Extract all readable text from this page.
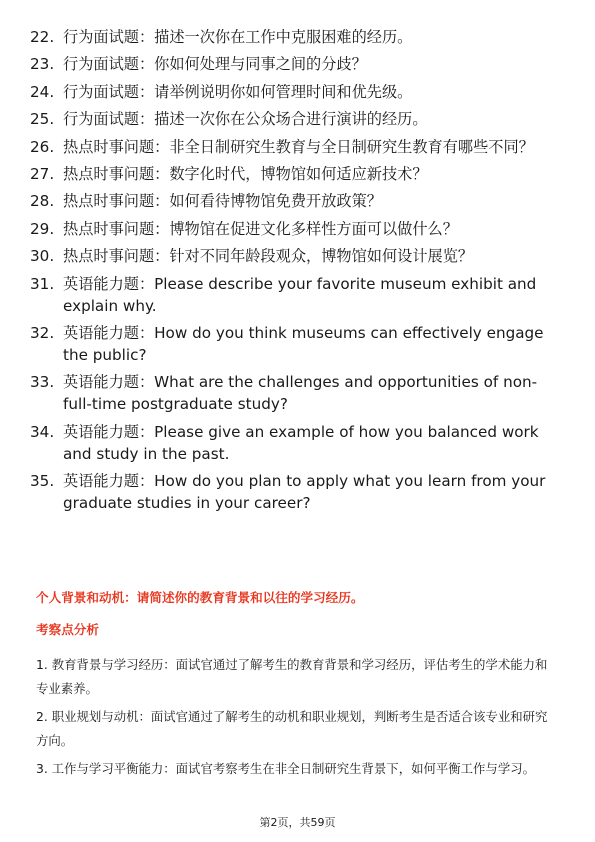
22. 行为面试题：描述一次你在工作中克服困难的经历。
23. 行为面试题：你如何处理与同事之间的分歧？
24. 行为面试题：请举例说明你如何管理时间和优先级。
25. 行为面试题：描述一次你在公众场合进行演讲的经历。
26. 热点时事问题：非全日制研究生教育与全日制研究生教育有哪些不同？
27. 热点时事问题：数字化时代，博物馆如何适应新技术？
28. 热点时事问题：如何看待博物馆免费开放政策？
29. 热点时事问题：博物馆在促进文化多样性方面可以做什么？
30. 热点时事问题：针对不同年龄段观众，博物馆如何设计展览？
31. 英语能力题：Please describe your favorite museum exhibit and explain why.
32. 英语能力题：How do you think museums can effectively engage the public?
33. 英语能力题：What are the challenges and opportunities of non-full-time postgraduate study?
34. 英语能力题：Please give an example of how you balanced work and study in the past.
35. 英语能力题：How do you plan to apply what you learn from your graduate studies in your career?

个人背景和动机：请简述你的教育背景和以往的学习经历。

考察点分析

1. 教育背景与学习经历：面试官通过了解考生的教育背景和学习经历，评估考生的学术能力和专业素养。
2. 职业规划与动机：面试官通过了解考生的动机和职业规划，判断考生是否适合该专业和研究方向。
3. 工作与学习平衡能力：面试官考察考生在非全日制研究生背景下，如何平衡工作与学习。
第2页，共59页
